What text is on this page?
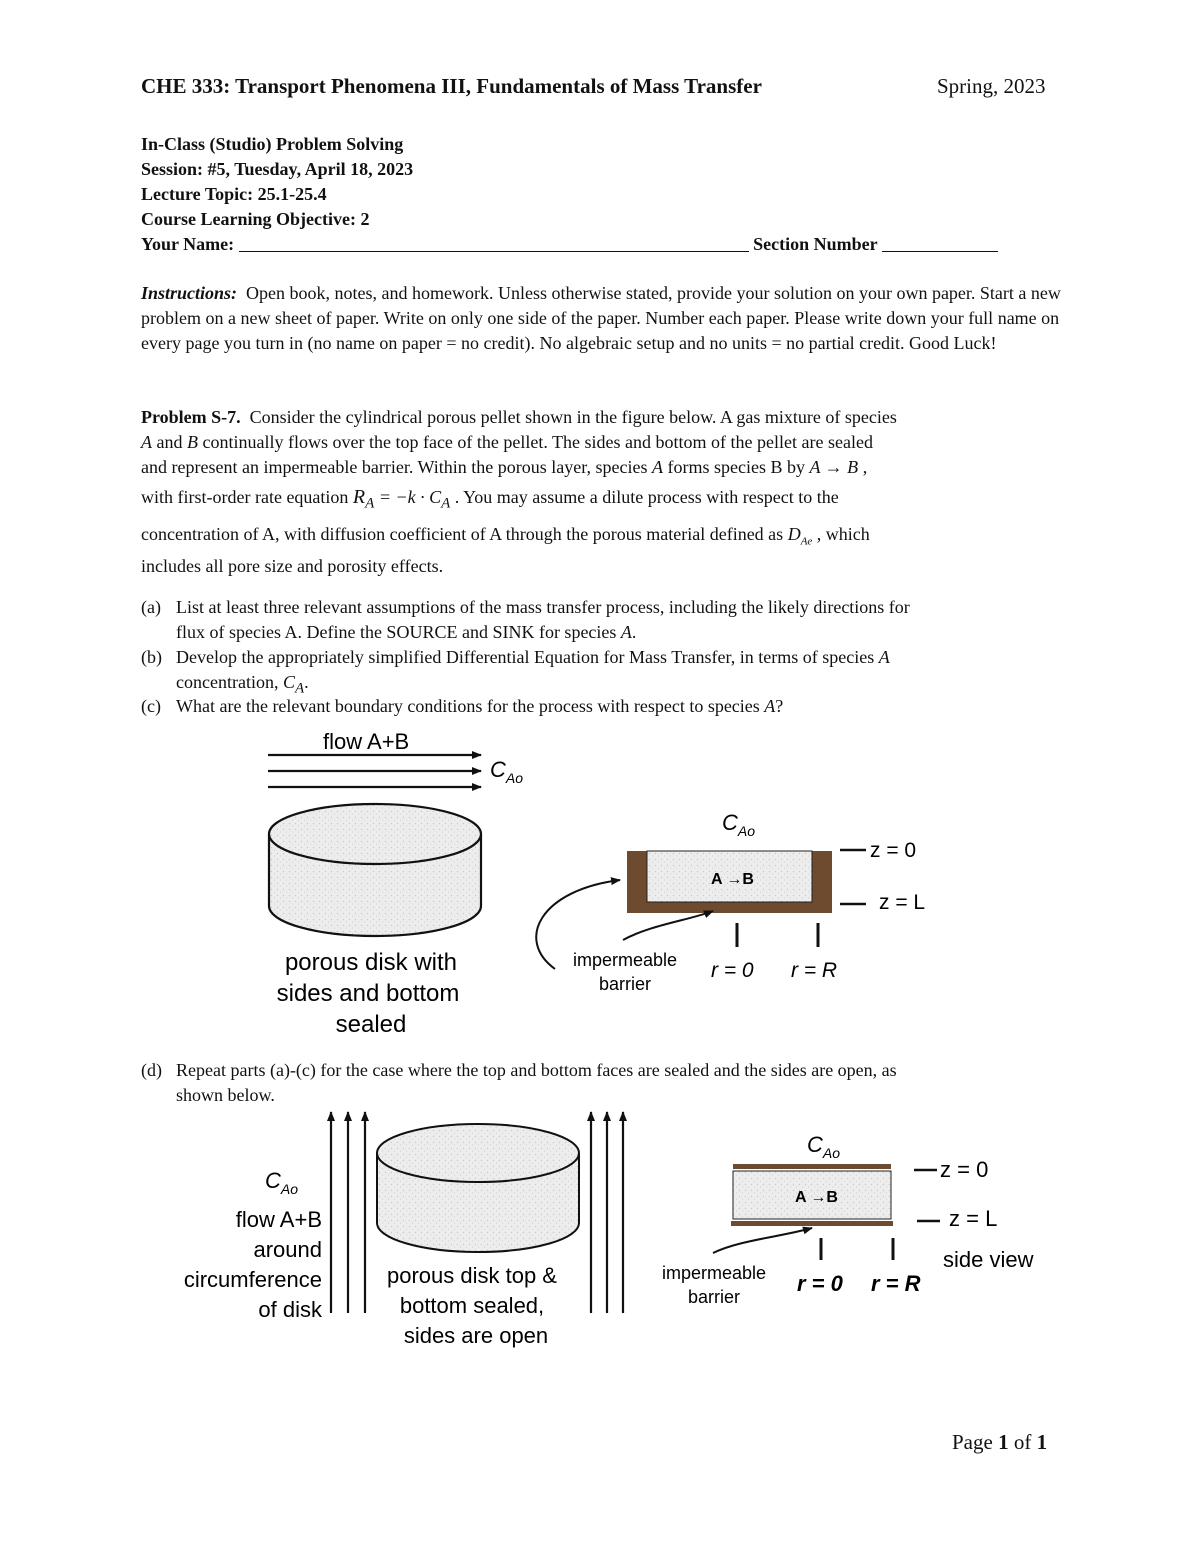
CHE 333: Transport Phenomena III, Fundamentals of Mass Transfer	Spring, 2023
In-Class (Studio) Problem Solving
Session: #5, Tuesday, April 18, 2023
Lecture Topic: 25.1-25.4
Course Learning Objective: 2
Your Name:	Section Number
Instructions: Open book, notes, and homework. Unless otherwise stated, provide your solution on your own paper. Start a new problem on a new sheet of paper. Write on only one side of the paper. Number each paper. Please write down your full name on every page you turn in (no name on paper = no credit). No algebraic setup and no units = no partial credit. Good Luck!
Problem S-7. Consider the cylindrical porous pellet shown in the figure below. A gas mixture of species
A and B continually flows over the top face of the pellet. The sides and bottom of the pellet are sealed
and represent an impermeable barrier. Within the porous layer, species A forms species B by A → B ,
with first-order rate equation $R_A = -k \cdot C_A$ . You may assume a dilute process with respect to the
concentration of A, with diffusion coefficient of A through the porous material defined as $D_{Ae}$ , which
includes all pore size and porosity effects.
(a) List at least three relevant assumptions of the mass transfer process, including the likely directions for
flux of species A. Define the SOURCE and SINK for species A.
(b) Develop the appropriately simplified Differential Equation for Mass Transfer, in terms of species A
concentration, $C_A$.
(c) What are the relevant boundary conditions for the process with respect to species A?
flow A+B
$C_{Ao}$
porous disk with
sides and bottom
sealed
$C_{Ao}$
A →B
z = 0
z = L
r = 0 r = R
impermeable
barrier
(d) Repeat parts (a)-(c) for the case where the top and bottom faces are sealed and the sides are open, as
shown below.
$C_{Ao}$
flow A+B
around
circumference
of disk
porous disk top &
bottom sealed,
sides are open
$C_{Ao}$
A →B
z = 0
z = L
side view
r = 0 r = R
impermeable
barrier
Page 1 of 1
